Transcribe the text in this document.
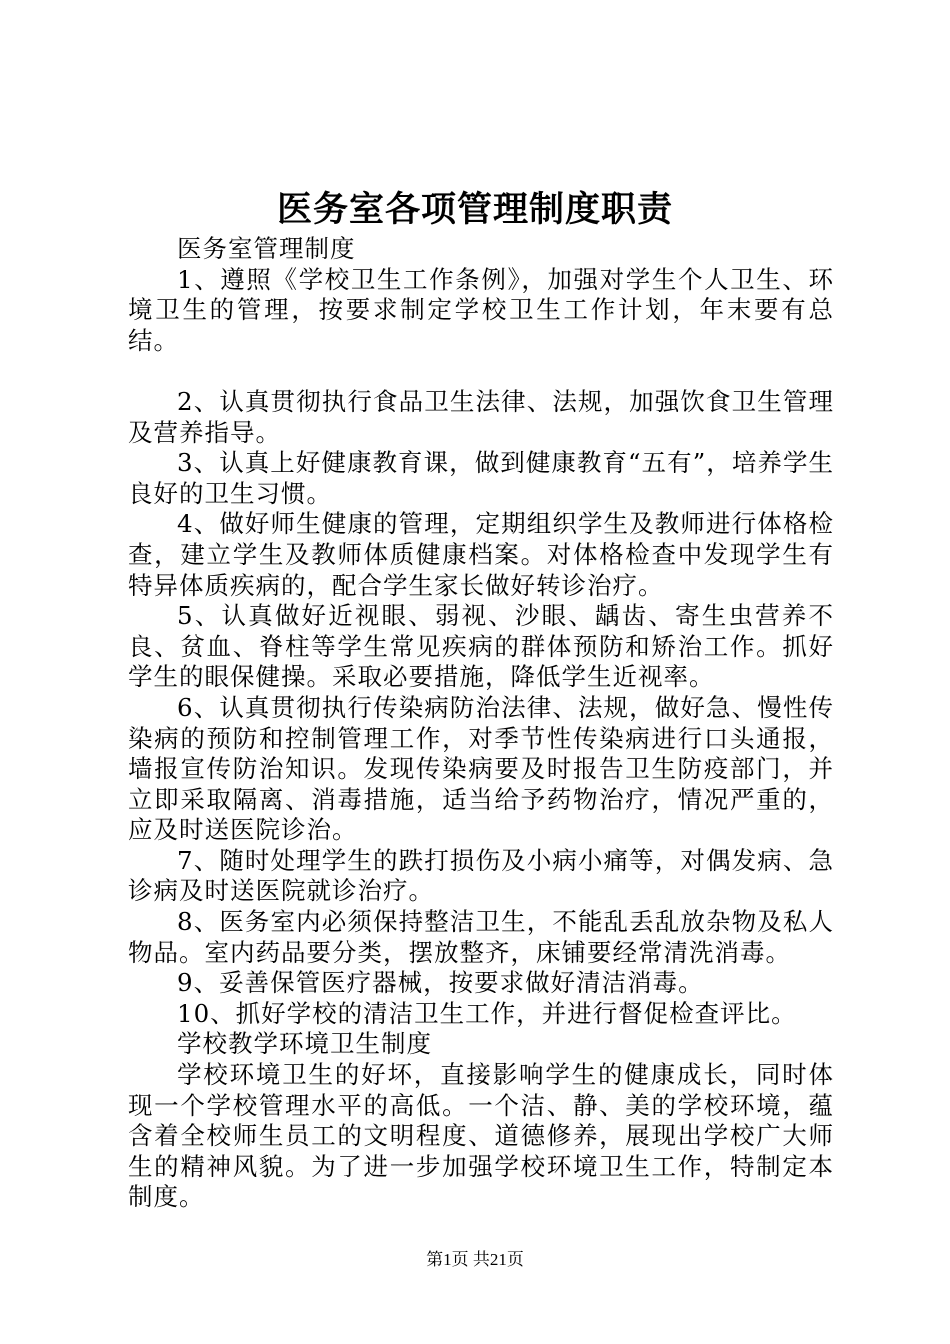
医务室各项管理制度职责

医务室管理制度

1、遵照《学校卫生工作条例》，加强对学生个人卫生、环境卫生的管理，按要求制定学校卫生工作计划，年末要有总结。

2、认真贯彻执行食品卫生法律、法规，加强饮食卫生管理及营养指导。

3、认真上好健康教育课，做到健康教育“五有”，培养学生良好的卫生习惯。

4、做好师生健康的管理，定期组织学生及教师进行体格检查，建立学生及教师体质健康档案。对体格检查中发现学生有特异体质疾病的，配合学生家长做好转诊治疗。

5、认真做好近视眼、弱视、沙眼、龋齿、寄生虫营养不良、贫血、脊柱等学生常见疾病的群体预防和矫治工作。抓好学生的眼保健操。采取必要措施，降低学生近视率。

6、认真贯彻执行传染病防治法律、法规，做好急、慢性传染病的预防和控制管理工作，对季节性传染病进行口头通报，墙报宣传防治知识。发现传染病要及时报告卫生防疫部门，并立即采取隔离、消毒措施，适当给予药物治疗，情况严重的，应及时送医院诊治。

7、随时处理学生的跌打损伤及小病小痛等，对偶发病、急诊病及时送医院就诊治疗。

8、医务室内必须保持整洁卫生，不能乱丢乱放杂物及私人物品。室内药品要分类，摆放整齐，床铺要经常清洗消毒。

9、妥善保管医疗器械，按要求做好清洁消毒。

10、抓好学校的清洁卫生工作，并进行督促检查评比。

学校教学环境卫生制度

学校环境卫生的好坏，直接影响学生的健康成长，同时体现一个学校管理水平的高低。一个洁、静、美的学校环境，蕴含着全校师生员工的文明程度、道德修养，展现出学校广大师生的精神风貌。为了进一步加强学校环境卫生工作，特制定本制度。

第1页 共21页
